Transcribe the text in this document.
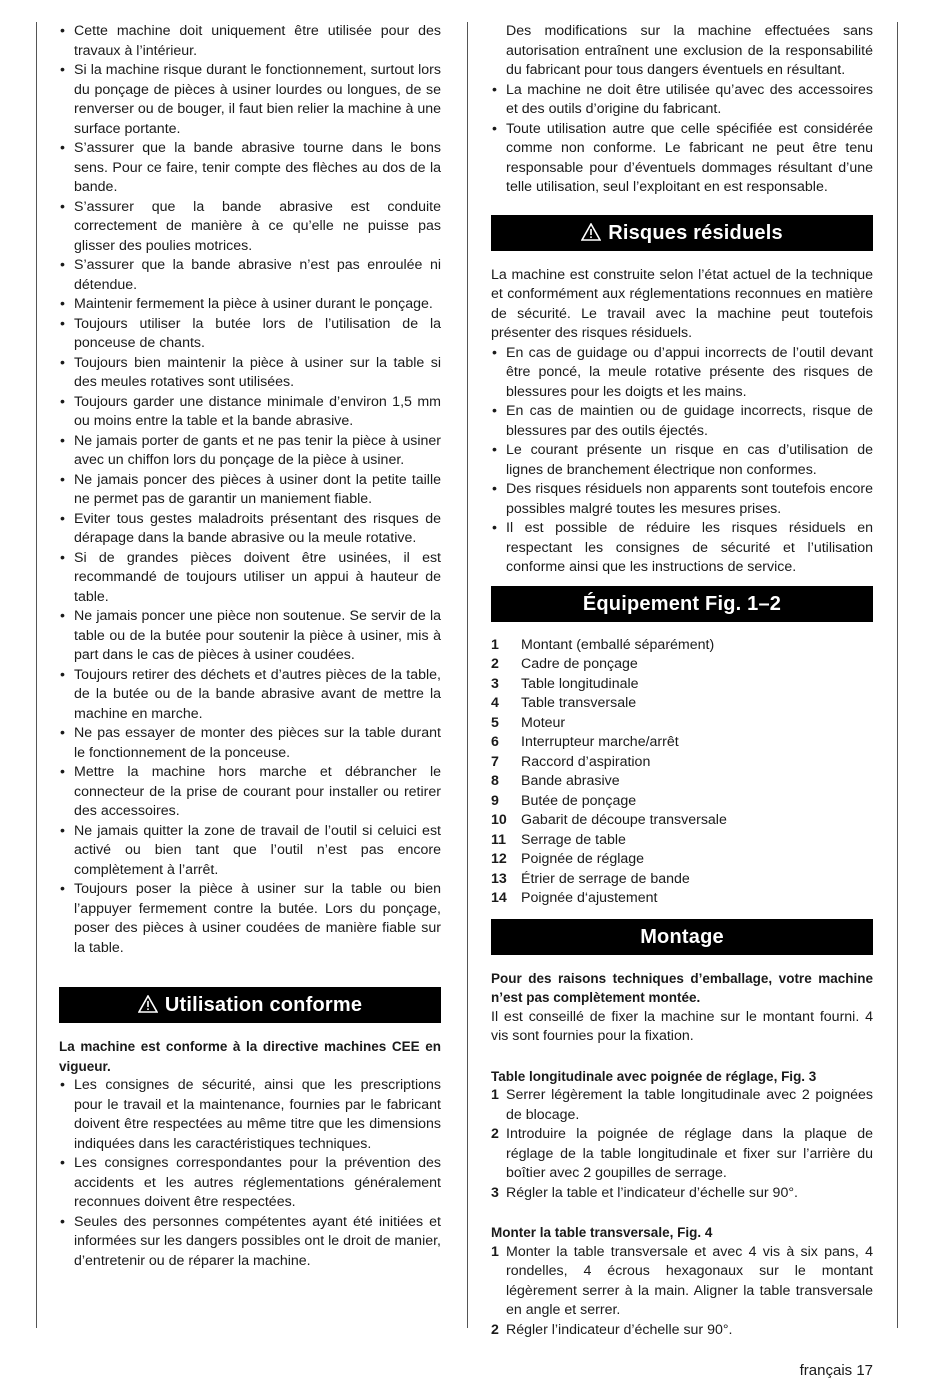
• Cette machine doit uniquement être utilisée pour des travaux à l’intérieur.
• Si la machine risque durant le fonctionnement, surtout lors du ponçage de pièces à usiner lourdes ou longues, de se renverser ou de bouger, il faut bien relier la machine à une surface portante.
• S’assurer que la bande abrasive tourne dans le bons sens. Pour ce faire, tenir compte des flèches au dos de la bande.
• S’assurer que la bande abrasive est conduite correctement de manière à ce qu’elle ne puisse pas glisser des poulies motrices.
• S’assurer que la bande abrasive n’est pas enroulée ni détendue.
• Maintenir fermement la pièce à usiner durant le ponçage.
• Toujours utiliser la butée lors de l’utilisation de la ponceuse de chants.
• Toujours bien maintenir la pièce à usiner sur la table si des meules rotatives sont utilisées.
• Toujours garder une distance minimale d’environ 1,5 mm ou moins entre la table et la bande abrasive.
• Ne jamais porter de gants et ne pas tenir la pièce à usiner avec un chiffon lors du ponçage de la pièce à usiner.
• Ne jamais poncer des pièces à usiner dont la petite taille ne permet pas de garantir un maniement fiable.
• Eviter tous gestes maladroits présentant des risques de dérapage dans la bande abrasive ou la meule rotative.
• Si de grandes pièces doivent être usinées, il est recommandé de toujours utiliser un appui à hauteur de table.
• Ne jamais poncer une pièce non soutenue. Se servir de la table ou de la butée pour soutenir la pièce à usiner, mis à part dans le cas de pièces à usiner coudées.
• Toujours retirer des déchets et d’autres pièces de la table, de la butée ou de la bande abrasive avant de mettre la machine en marche.
• Ne pas essayer de monter des pièces sur la table durant le fonctionnement de la ponceuse.
• Mettre la machine hors marche et débrancher le connecteur de la prise de courant pour installer ou retirer des accessoires.
• Ne jamais quitter la zone de travail de l’outil si celuici est activé ou bien tant que l’outil n’est pas encore complètement à l’arrêt.
• Toujours poser la pièce à usiner sur la table ou bien l’appuyer fermement contre la butée. Lors du ponçage, poser des pièces à usiner coudées de manière fiable sur la table.
Utilisation conforme

La machine est conforme à la directive machines CEE en vigueur.

• Les consignes de sécurité, ainsi que les prescriptions pour le travail et la maintenance, fournies par le fabricant doivent être respectées au même titre que les dimensions indiquées dans les caractéristiques techniques.
• Les consignes correspondantes pour la prévention des accidents et les autres réglementations généralement reconnues doivent être respectées.
• Seules des personnes compétentes ayant été initiées et informées sur les dangers possibles ont le droit de manier, d’entretenir ou de réparer la machine.

Des modifications sur la machine effectuées sans autorisation entraînent une exclusion de la responsabilité du fabricant pour tous dangers éventuels en résultant.

• La machine ne doit être utilisée qu’avec des accessoires et des outils d’origine du fabricant.
• Toute utilisation autre que celle spécifiée est considérée comme non conforme. Le fabricant ne peut être tenu responsable pour d’éventuels dommages résultant d’une telle utilisation, seul l’exploitant en est responsable.
Risques résiduels

La machine est construite selon l’état actuel de la technique et conformément aux réglementations reconnues en matière de sécurité. Le travail avec la machine peut toutefois présenter des risques résiduels.

• En cas de guidage ou d’appui incorrects de l’outil devant être poncé, la meule rotative présente des risques de blessures pour les doigts et les mains.
• En cas de maintien ou de guidage incorrects, risque de blessures par des outils éjectés.
• Le courant présente un risque en cas d’utilisation de lignes de branchement électrique non conformes.
• Des risques résiduels non apparents sont toutefois encore possibles malgré toutes les mesures prises.
• Il est possible de réduire les risques résiduels en respectant les consignes de sécurité et l’utilisation conforme ainsi que les instructions de service.
Équipement Fig. 1–2
1 Montant (emballé séparément)
2 Cadre de ponçage
3 Table longitudinale
4 Table transversale
5 Moteur
6 Interrupteur marche/arrêt
7 Raccord d’aspiration
8 Bande abrasive
9 Butée de ponçage
10 Gabarit de découpe transversale
11 Serrage de table
12 Poignée de réglage
13 Étrier de serrage de bande
14 Poignée d‘ajustement
Montage

Pour des raisons techniques d’emballage, votre machine n’est pas complètement montée.

Il est conseillé de fixer la machine sur le montant fourni. 4 vis sont fournies pour la fixation.

Table longitudinale avec poignée de réglage, Fig. 3
1 Serrer légèrement la table longitudinale avec 2 poignées de blocage.
2 Introduire la poignée de réglage dans la plaque de réglage de la table longitudinale et fixer sur l’arrière du boîtier avec 2 goupilles de serrage.
3 Régler la table et l’indicateur d’échelle sur 90°.
Monter la table transversale, Fig. 4
1 Monter la table transversale et avec 4 vis à six pans, 4 rondelles, 4 écrous hexagonaux sur le montant légèrement serrer à la main. Aligner la table transversale en angle et serrer.
2 Régler l’indicateur d’échelle sur 90°.
français 17
